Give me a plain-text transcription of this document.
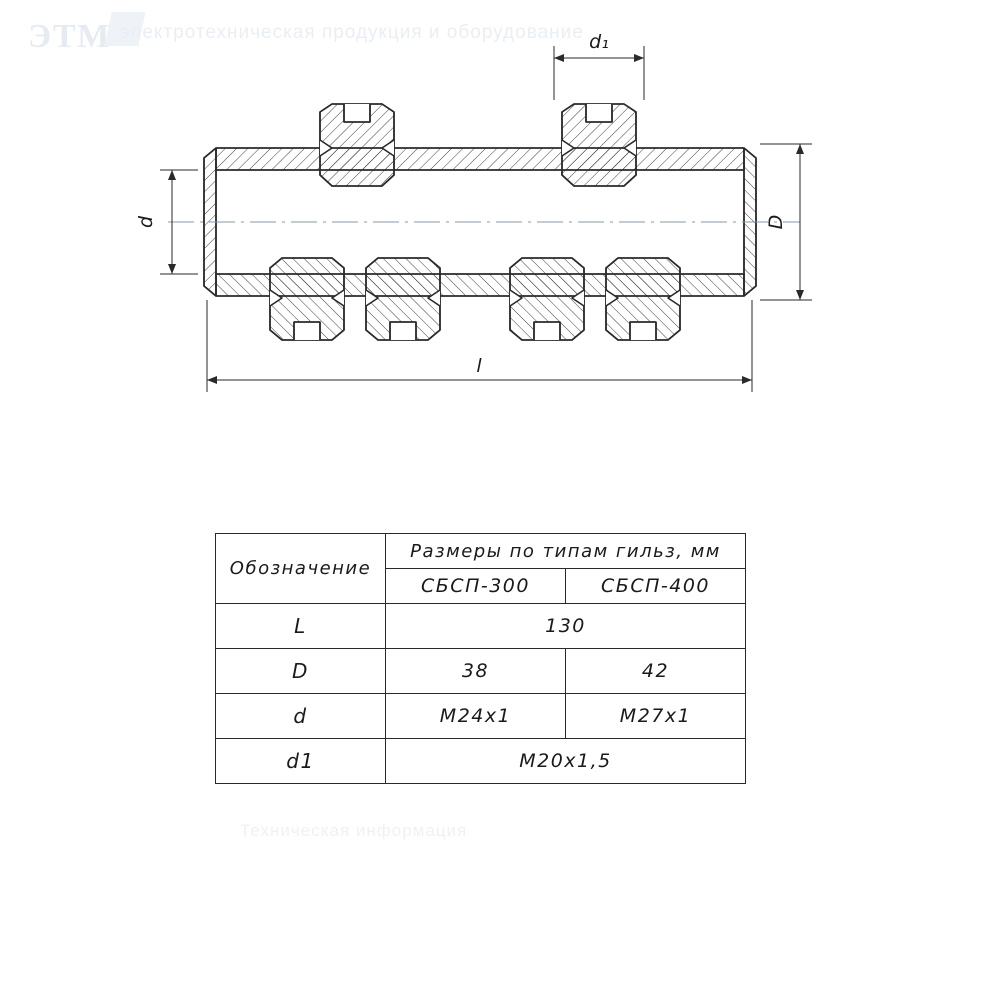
ЭТМ электротехническая продукция и оборудование
Техническая информация
d₁
d	D
l
Обозначение	Размеры по типам гильз, мм	
	СБСП-300	СБСП-400
L	130	
D	38	42
d	М24х1	М27х1
d1	М20х1,5	
